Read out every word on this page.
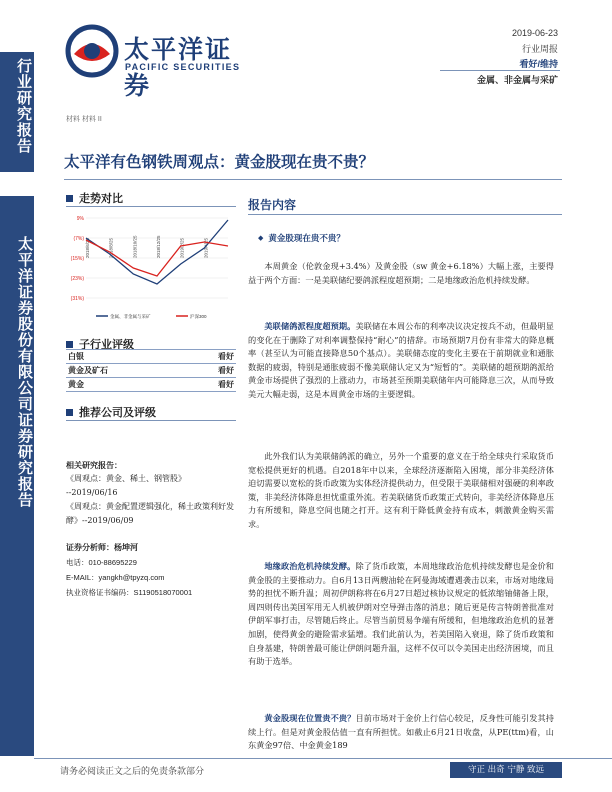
太平洋证券
PACIFIC SECURITIES
2019-06-23
行业周报
看好/维持
金属、非金属与采矿
行业研究报告
太平洋证券股份有限公司证券研究报告
材料 材料 II
太平洋有色钢铁周观点：黄金股现在贵不贵？
走势对比
9%
(7%)
(15%)
(23%)
(31%)
2018/6/25	2018/8/25	2018/10/25	2018/12/25	2019/2/25	2019/4/25
金属、非金属与采矿	沪深300
子行业评级
白银	看好
黄金及矿石	看好
黄金	看好
推荐公司及评级
相关研究报告：
《周观点：黄金、稀土、钢管股》
--2019/06/16
《周观点：黄金配置逻辑强化，稀土政策利好发酵》--2019/06/09
证券分析师：杨坤河
电话：010-88695229
E-MAIL：yangkh@tpyzq.com
执业资格证书编码：S1190518070001
报告内容
◆ 黄金股现在贵不贵？
本周黄金（伦敦金现+3.4%）及黄金股（sw 黄金+6.18%）大幅上涨，主要得益于两个方面：一是美联储纪要鸽派程度超预期；二是地缘政治危机持续发酵。
美联储鸽派程度超预期。美联储在本周公布的利率决议决定按兵不动，但最明显的变化在于删除了对利率调整保持“耐心”的措辞。市场预期7月份有非常大的降息概率（甚至认为可能直接降息50个基点）。美联储态度的变化主要在于前期就业和通胀数据的疲弱，特别是通胀疲弱不像美联储认定又为“短暂的”。美联储的超预期鸽派给黄金市场提供了强烈的上涨动力，市场甚至预期美联储年内可能降息三次，从而导致美元大幅走弱，这是本周黄金市场的主要逻辑。
此外我们认为美联储鸽派的确立，另外一个重要的意义在于给全球央行采取货币宽松提供更好的机遇。自2018年中以来，全球经济逐渐陷入困境，部分非美经济体迫切需要以宽松的货币政策为实体经济提供动力，但受限于美联储相对强硬的利率政策，非美经济体降息担忧重重外流。若美联储货币政策正式转向，非美经济体降息压力有所缓和，降息空间也随之打开。这有利于降低黄金持有成本，刺激黄金购买需求。
地缘政治危机持续发酵。除了货币政策，本周地缘政治危机持续发酵也是金价和黄金股的主要推动力。自6月13日两艘油轮在阿曼海域遭遇袭击以来，市场对地缘局势的担忧不断升温；周初伊朗称将在6月27日超过核协议规定的低浓缩铀储备上限，周四则传出美国军用无人机被伊朗对空导弹击落的消息；随后更是传言特朗普批准对伊朗军事打击，尽管随后终止。尽管当前贸易争端有所缓和，但地缘政治危机的显著加剧，使得黄金的避险需求猛增。我们此前认为，若美国陷入衰退，除了货币政策和自身基建，特朗普最可能让伊朗问题升温，这样不仅可以令美国走出经济困境，而且有助于选举。
黄金股现在位置贵不贵？目前市场对于金价上行信心较足，反身性可能引发其持续上行。但是对黄金股估值一直有所担忧。如截止6月21日收盘，从PE(ttm)看，山东黄金97倍、中金黄金189
请务必阅读正文之后的免责条款部分	守正 出奇 宁静 致远
